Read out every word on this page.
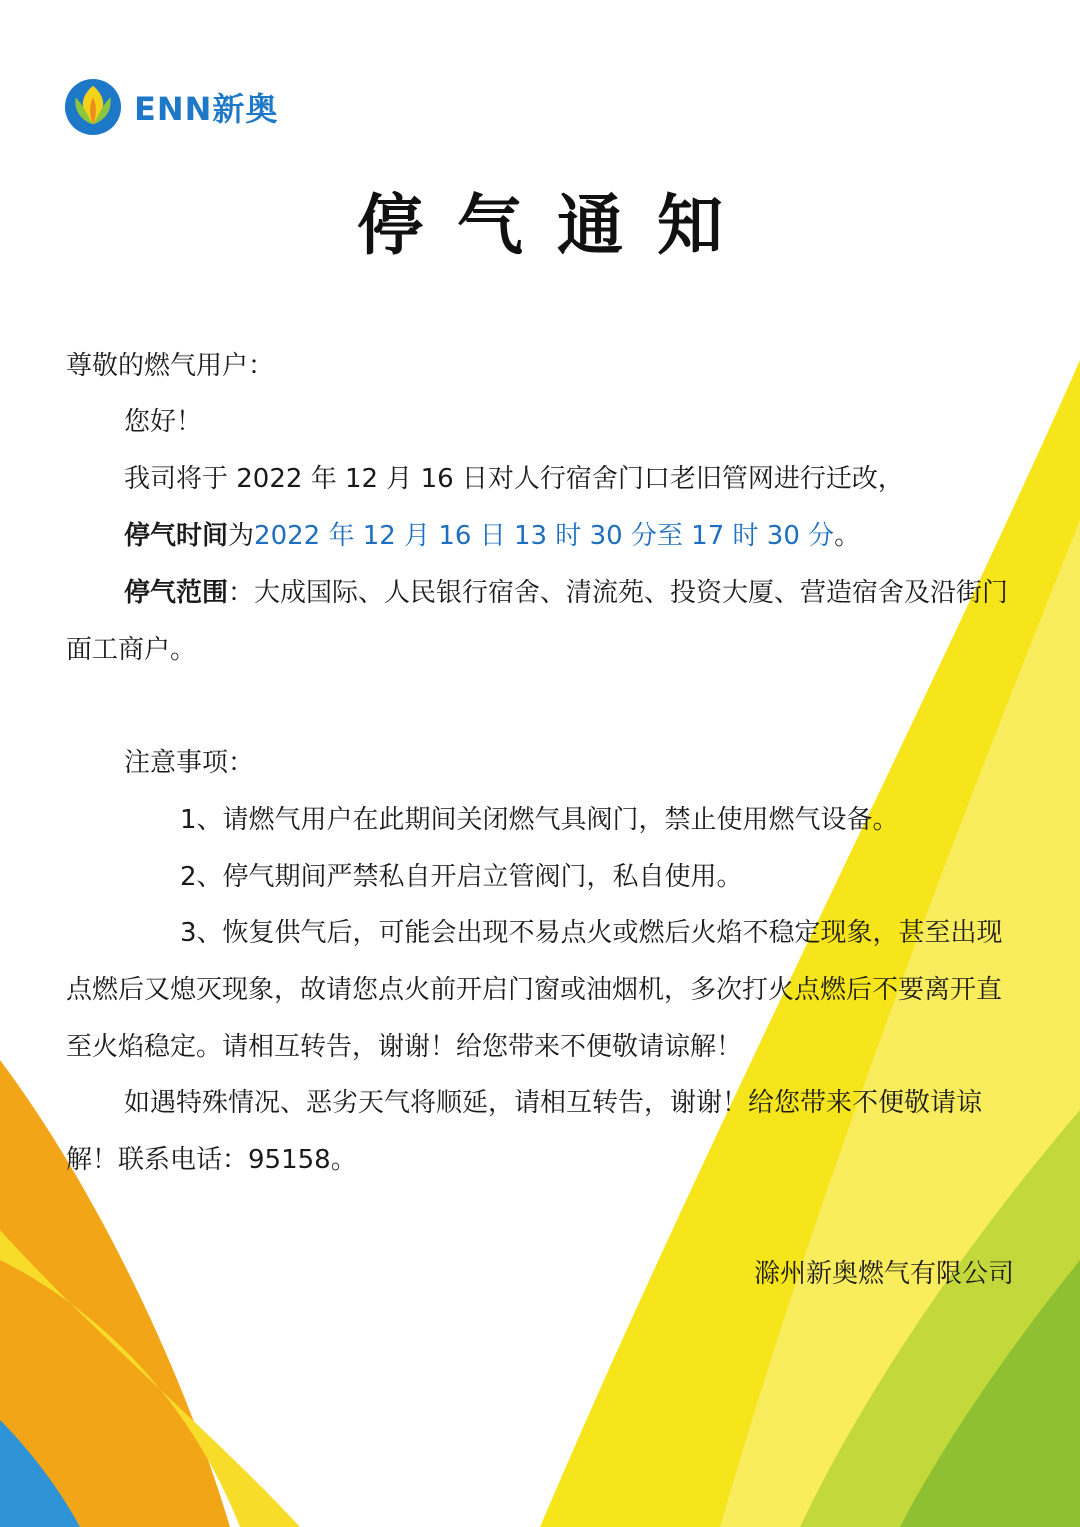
ENN新奥
停气通知

尊敬的燃气用户：

您好！

我司将于 2022 年 12 月 16 日对人行宿舍门口老旧管网进行迁改，

停气时间为2022 年 12 月 16 日 13 时 30 分至 17 时 30 分。

停气范围：大成国际、人民银行宿舍、清流苑、投资大厦、营造宿舍及沿街门面工商户。

注意事项：

1、请燃气用户在此期间关闭燃气具阀门，禁止使用燃气设备。

2、停气期间严禁私自开启立管阀门，私自使用。

3、恢复供气后，可能会出现不易点火或燃后火焰不稳定现象，甚至出现点燃后又熄灭现象，故请您点火前开启门窗或油烟机，多次打火点燃后不要离开直至火焰稳定。请相互转告，谢谢！给您带来不便敬请谅解！

如遇特殊情况、恶劣天气将顺延，请相互转告，谢谢！给您带来不便敬请谅解！联系电话：95158。

滁州新奥燃气有限公司
